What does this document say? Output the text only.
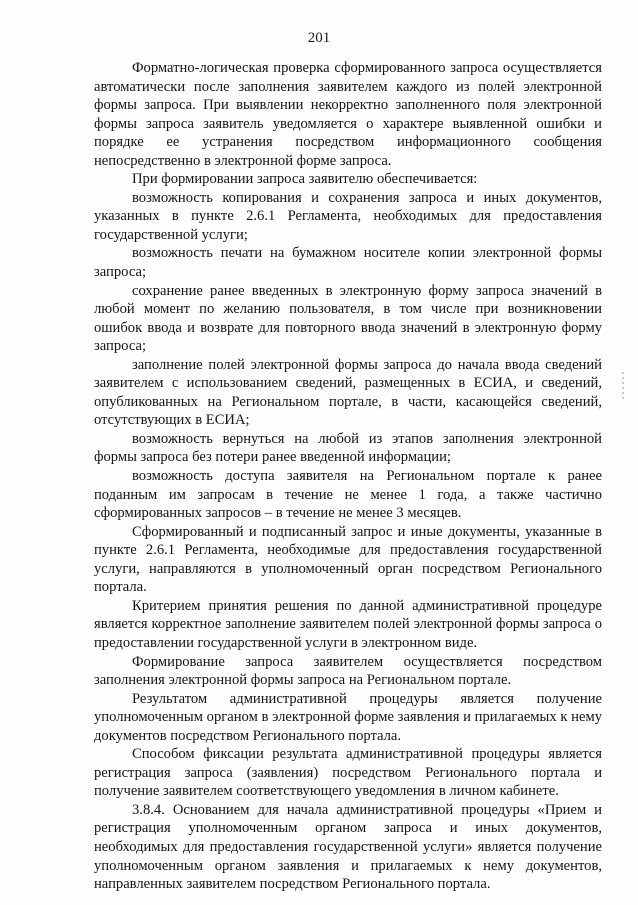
201

Форматно-логическая проверка сформированного запроса осуществляется автоматически после заполнения заявителем каждого из полей электронной формы запроса. При выявлении некорректно заполненного поля электронной формы запроса заявитель уведомляется о характере выявленной ошибки и порядке ее устранения посредством информационного сообщения непосредственно в электронной форме запроса.

При формировании запроса заявителю обеспечивается:

возможность копирования и сохранения запроса и иных документов, указанных в пункте 2.6.1 Регламента, необходимых для предоставления государственной услуги;

возможность печати на бумажном носителе копии электронной формы запроса;

сохранение ранее введенных в электронную форму запроса значений в любой момент по желанию пользователя, в том числе при возникновении ошибок ввода и возврате для повторного ввода значений в электронную форму запроса;

заполнение полей электронной формы запроса до начала ввода сведений заявителем с использованием сведений, размещенных в ЕСИА, и сведений, опубликованных на Региональном портале, в части, касающейся сведений, отсутствующих в ЕСИА;

возможность вернуться на любой из этапов заполнения электронной формы запроса без потери ранее введенной информации;

возможность доступа заявителя на Региональном портале к ранее поданным им запросам в течение не менее 1 года, а также частично сформированных запросов – в течение не менее 3 месяцев.

Сформированный и подписанный запрос и иные документы, указанные в пункте 2.6.1 Регламента, необходимые для предоставления государственной услуги, направляются в уполномоченный орган посредством Регионального портала.

Критерием принятия решения по данной административной процедуре является корректное заполнение заявителем полей электронной формы запроса о предоставлении государственной услуги в электронном виде.

Формирование запроса заявителем осуществляется посредством заполнения электронной формы запроса на Региональном портале.

Результатом административной процедуры является получение уполномоченным органом в электронной форме заявления и прилагаемых к нему документов посредством Регионального портала.

Способом фиксации результата административной процедуры является регистрация запроса (заявления) посредством Регионального портала и получение заявителем соответствующего уведомления в личном кабинете.

3.8.4. Основанием для начала административной процедуры «Прием и регистрация уполномоченным органом запроса и иных документов, необходимых для предоставления государственной услуги» является получение уполномоченным органом заявления и прилагаемых к нему документов, направленных заявителем посредством Регионального портала.
